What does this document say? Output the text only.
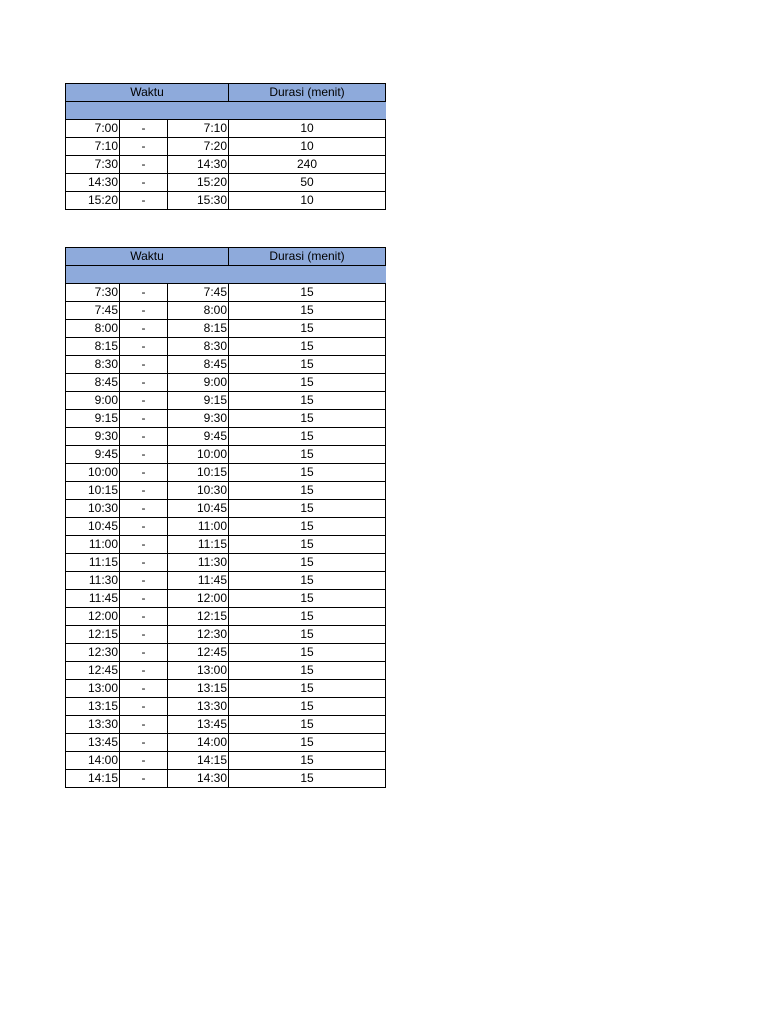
Waktu			Durasi (menit)

7:00	-	7:10	10
7:10	-	7:20	10
7:30	-	14:30	240
14:30	-	15:20	50
15:20	-	15:30	10
Waktu			Durasi (menit)

7:30	-	7:45	15
7:45	-	8:00	15
8:00	-	8:15	15
8:15	-	8:30	15
8:30	-	8:45	15
8:45	-	9:00	15
9:00	-	9:15	15
9:15	-	9:30	15
9:30	-	9:45	15
9:45	-	10:00	15
10:00	-	10:15	15
10:15	-	10:30	15
10:30	-	10:45	15
10:45	-	11:00	15
11:00	-	11:15	15
11:15	-	11:30	15
11:30	-	11:45	15
11:45	-	12:00	15
12:00	-	12:15	15
12:15	-	12:30	15
12:30	-	12:45	15
12:45	-	13:00	15
13:00	-	13:15	15
13:15	-	13:30	15
13:30	-	13:45	15
13:45	-	14:00	15
14:00	-	14:15	15
14:15	-	14:30	15
